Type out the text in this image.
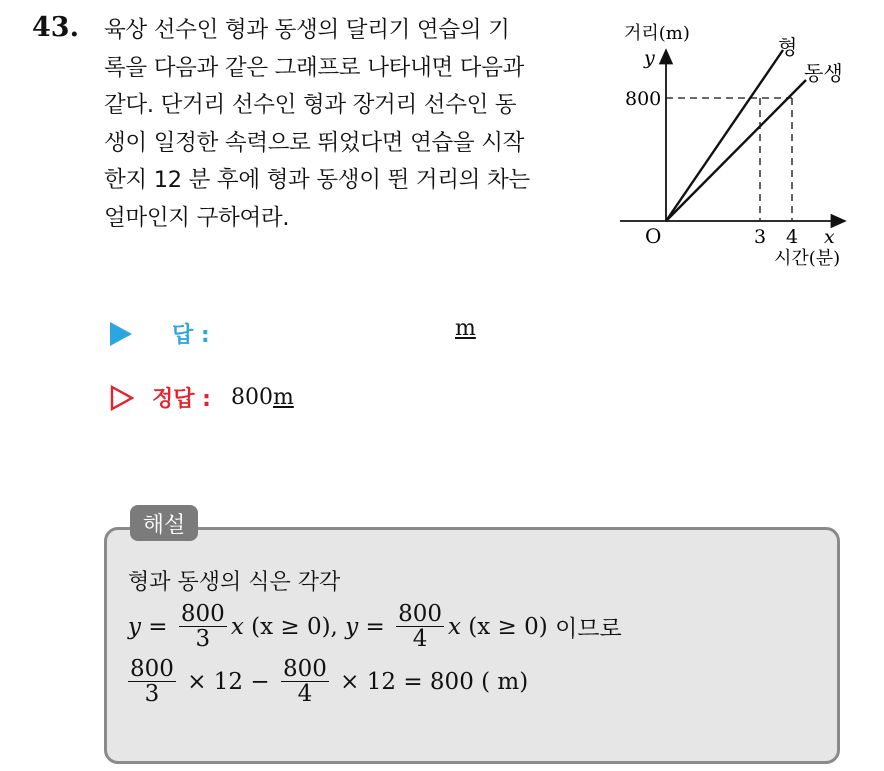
43. 육상 선수인 형과 동생의 달리기 연습의 기
록을 다음과 같은 그래프로 나타내면 다음과
같다. 단거리 선수인 형과 장거리 선수인 동
생이 일정한 속력으로 뛰었다면 연습을 시작
한지 12 분 후에 형과 동생이 뛴 거리의 차는
얼마인지 구하여라.
거리(m)
y
800
O	3 4 x
시간(분)
형
동생
답 :	m
정답 : 800 m
해설
형과 동생의 식은 각각
$y = \frac{800}{3}$ x (x ≥ 0), $y = \frac{800}{4}$ x (x ≥ 0) 이므로
$\frac{800}{3} \times 12 - \frac{800}{4} \times 12 = 800$ ( m)
